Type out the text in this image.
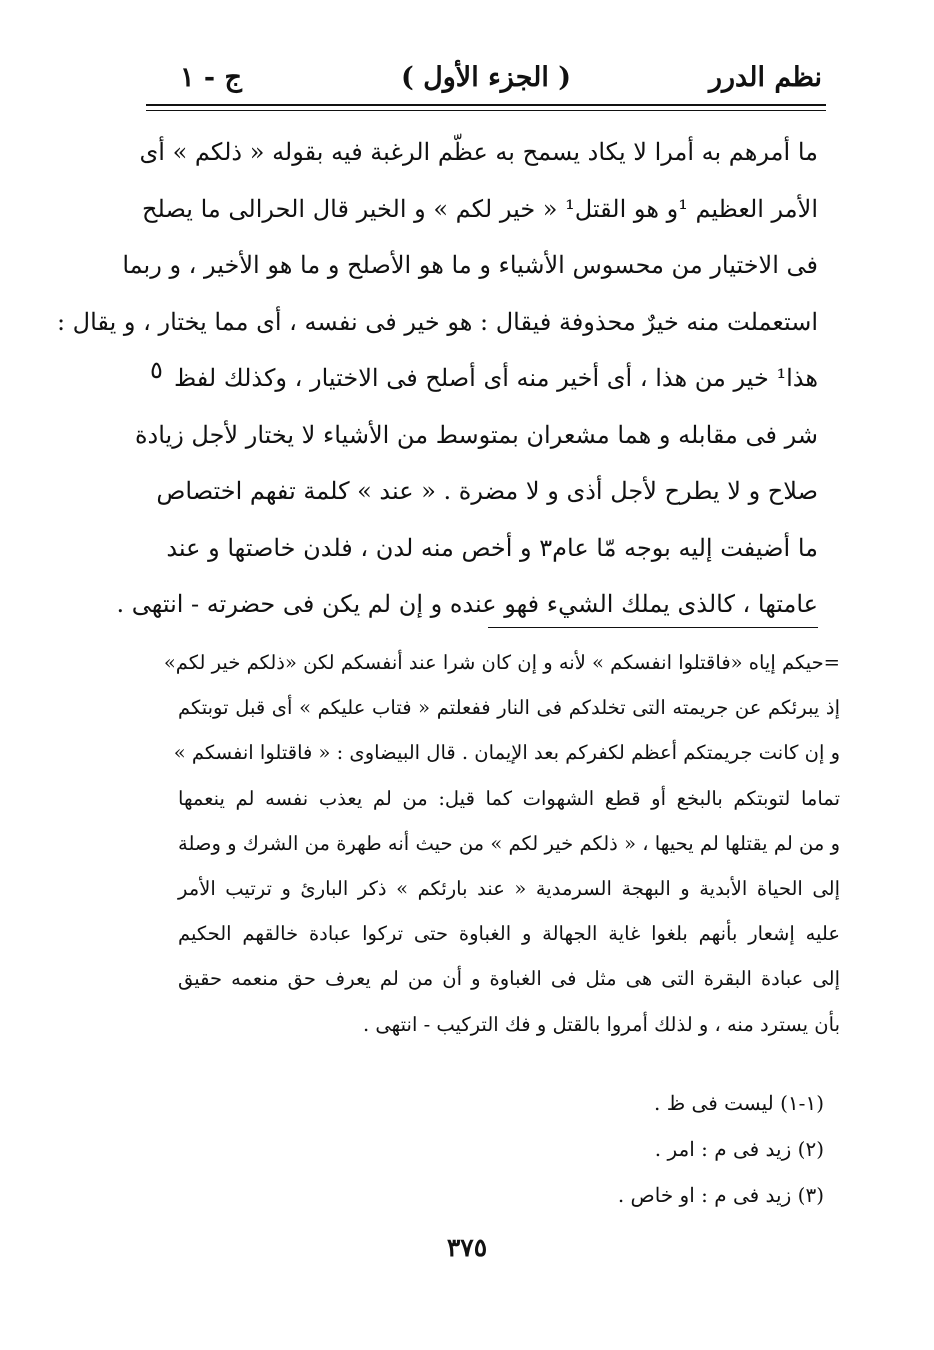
نظم الدرر
( الجزء الأول )
ج - ١
ما أمرهم به أمرا لا يكاد يسمح به عظّم الرغبة فيه بقوله « ذلكم » أى
الأمر العظيم ¹و هو القتل¹ « خير لكم » و الخير قال الحرالى ما يصلح
فى الاختيار من محسوس الأشياء و ما هو الأصلح و ما هو الأخير ، و ربما
استعملت منه خيرٌ محذوفة فيقال : هو خير فى نفسه ، أى مما يختار ، و يقال :
هذا¹ خير من هذا ، أى أخير منه أى أصلح فى الاختيار ، وكذلك لفظ
شر فى مقابله و هما مشعران بمتوسط من الأشياء لا يختار لأجل زيادة
صلاح و لا يطرح لأجل أذى و لا مضرة . « عند » كلمة تفهم اختصاص
ما أضيفت إليه بوجه مّا عام٣ و أخص منه لدن ، فلدن خاصتها و عند
عامتها ، كالذى يملك الشيء فهو عنده و إن لم يكن فى حضرته - انتهى .
٥
=حيكم إياه «فاقتلوا انفسكم » لأنه و إن كان شرا عند أنفسكم لكن «ذلكم خير لكم»
إذ يبرئكم عن جريمته التى تخلدكم فى النار ففعلتم « فتاب عليكم » أى قبل توبتكم
و إن كانت جريمتكم أعظم لكفركم بعد الإيمان . قال البيضاوى : « فاقتلوا انفسكم »
تماما لتوبتكم بالبخع أو قطع الشهوات كما قيل: من لم يعذب نفسه لم ينعمها
و من لم يقتلها لم يحيها ، « ذلكم خير لكم » من حيث أنه طهرة من الشرك و وصلة
إلى الحياة الأبدية و البهجة السرمدية « عند بارئكم » ذكر البارئ و ترتيب الأمر
عليه إشعار بأنهم بلغوا غاية الجهالة و الغباوة حتى تركوا عبادة خالقهم الحكيم
إلى عبادة البقرة التى هى مثل فى الغباوة و أن من لم يعرف حق منعمه حقيق
بأن يسترد منه ، و لذلك أمروا بالقتل و فك التركيب - انتهى .
(١-١) ليست فى ظ .
(٢) زيد فى م : امر .
(٣) زيد فى م : او خاص .
٣٧٥
